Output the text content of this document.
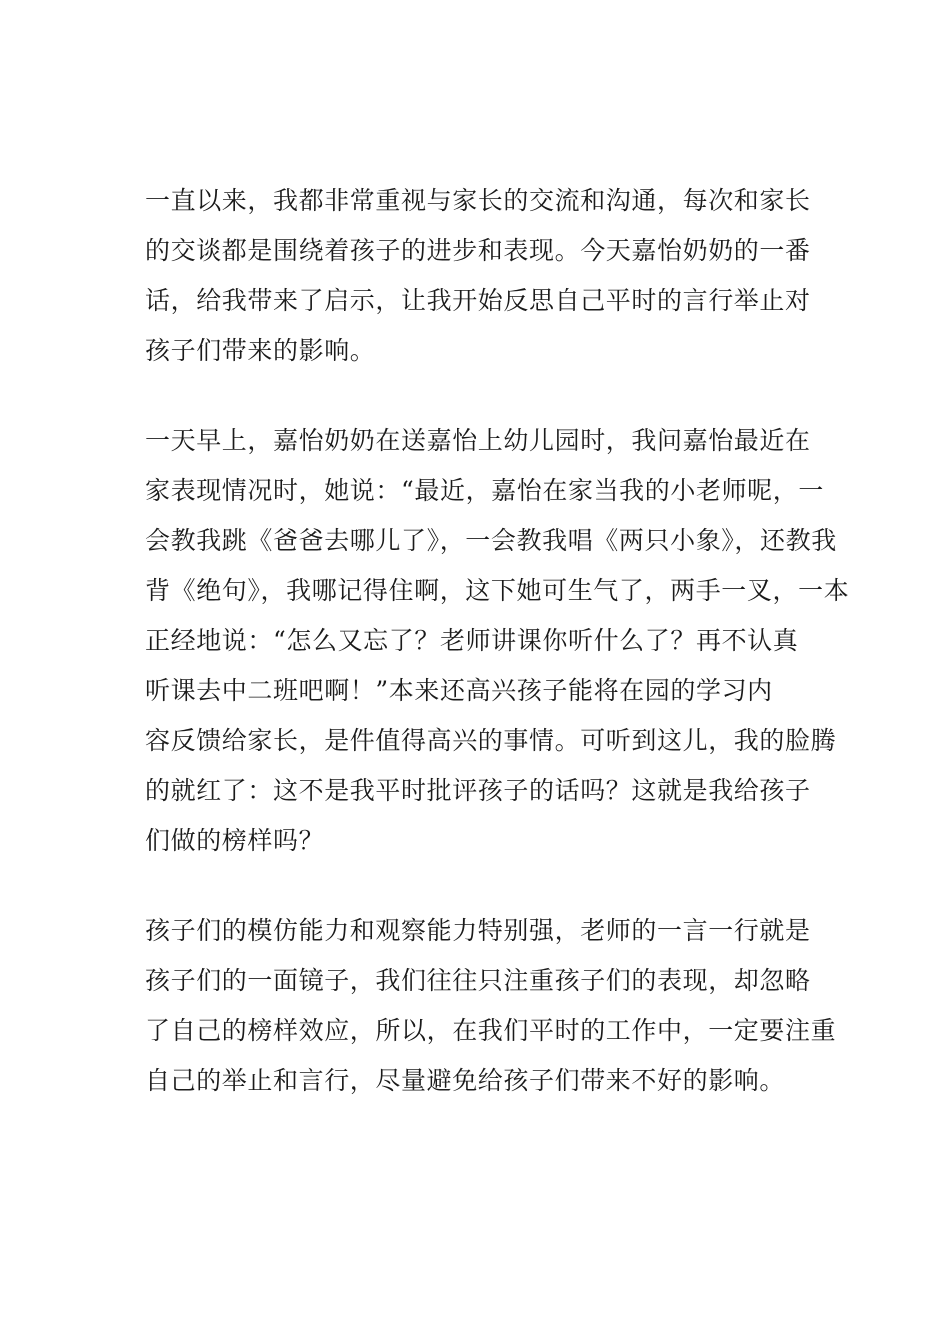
一直以来，我都非常重视与家长的交流和沟通，每次和家长
的交谈都是围绕着孩子的进步和表现。今天嘉怡奶奶的一番
话，给我带来了启示，让我开始反思自己平时的言行举止对
孩子们带来的影响。
一天早上，嘉怡奶奶在送嘉怡上幼儿园时，我问嘉怡最近在
家表现情况时，她说：“最近，嘉怡在家当我的小老师呢，一
会教我跳《爸爸去哪儿了》，一会教我唱《两只小象》，还教我
背《绝句》，我哪记得住啊，这下她可生气了，两手一叉，一本
正经地说：“怎么又忘了？老师讲课你听什么了？再不认真
听课去中二班吧啊！”本来还高兴孩子能将在园的学习内
容反馈给家长，是件值得高兴的事情。可听到这儿，我的脸腾
的就红了：这不是我平时批评孩子的话吗？这就是我给孩子
们做的榜样吗？
孩子们的模仿能力和观察能力特别强，老师的一言一行就是
孩子们的一面镜子，我们往往只注重孩子们的表现，却忽略
了自己的榜样效应，所以，在我们平时的工作中，一定要注重
自己的举止和言行，尽量避免给孩子们带来不好的影响。
